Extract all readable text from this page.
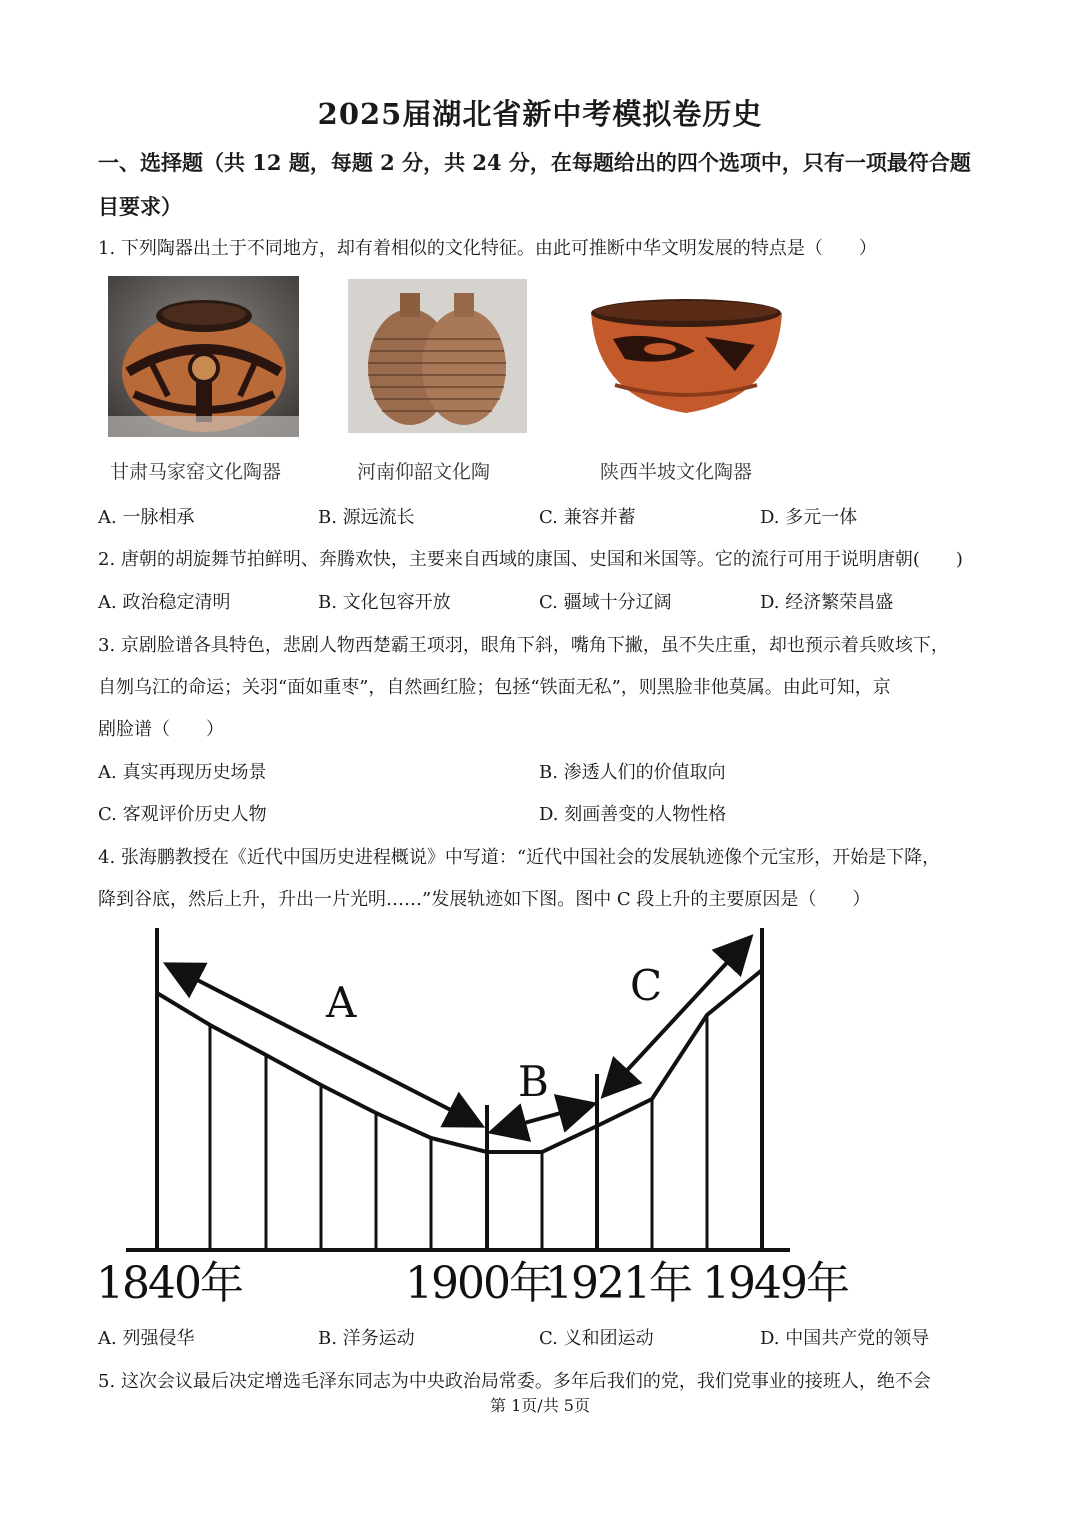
2025届湖北省新中考模拟卷历史
一、选择题（共 12 题，每题 2 分，共 24 分，在每题给出的四个选项中，只有一项最符合题
目要求）
1. 下列陶器出土于不同地方，却有着相似的文化特征。由此可推断中华文明发展的特点是（　　）
甘肃马家窑文化陶器	河南仰韶文化陶	陕西半坡文化陶器
A. 一脉相承	B. 源远流长	C. 兼容并蓄	D. 多元一体
2. 唐朝的胡旋舞节拍鲜明、奔腾欢快，主要来自西域的康国、史国和米国等。它的流行可用于说明唐朝(　　)
A. 政治稳定清明	B. 文化包容开放	C. 疆域十分辽阔	D. 经济繁荣昌盛
3. 京剧脸谱各具特色，悲剧人物西楚霸王项羽，眼角下斜，嘴角下撇，虽不失庄重，却也预示着兵败垓下，
自刎乌江的命运；关羽“面如重枣”，自然画红脸；包拯“铁面无私”，则黑脸非他莫属。由此可知，京
剧脸谱（　　）
A. 真实再现历史场景	B. 渗透人们的价值取向
C. 客观评价历史人物	D. 刻画善变的人物性格
4. 张海鹏教授在《近代中国历史进程概说》中写道：“近代中国社会的发展轨迹像个元宝形，开始是下降，
降到谷底，然后上升，升出一片光明……”发展轨迹如下图。图中 C 段上升的主要原因是（　　）
A
B
C
1840年	1900年
1921年 1949年
A. 列强侵华	B. 洋务运动	C. 义和团运动	D. 中国共产党的领导
5. 这次会议最后决定增选毛泽东同志为中央政治局常委。多年后我们的党，我们党事业的接班人，绝不会
第 1页/共 5页
